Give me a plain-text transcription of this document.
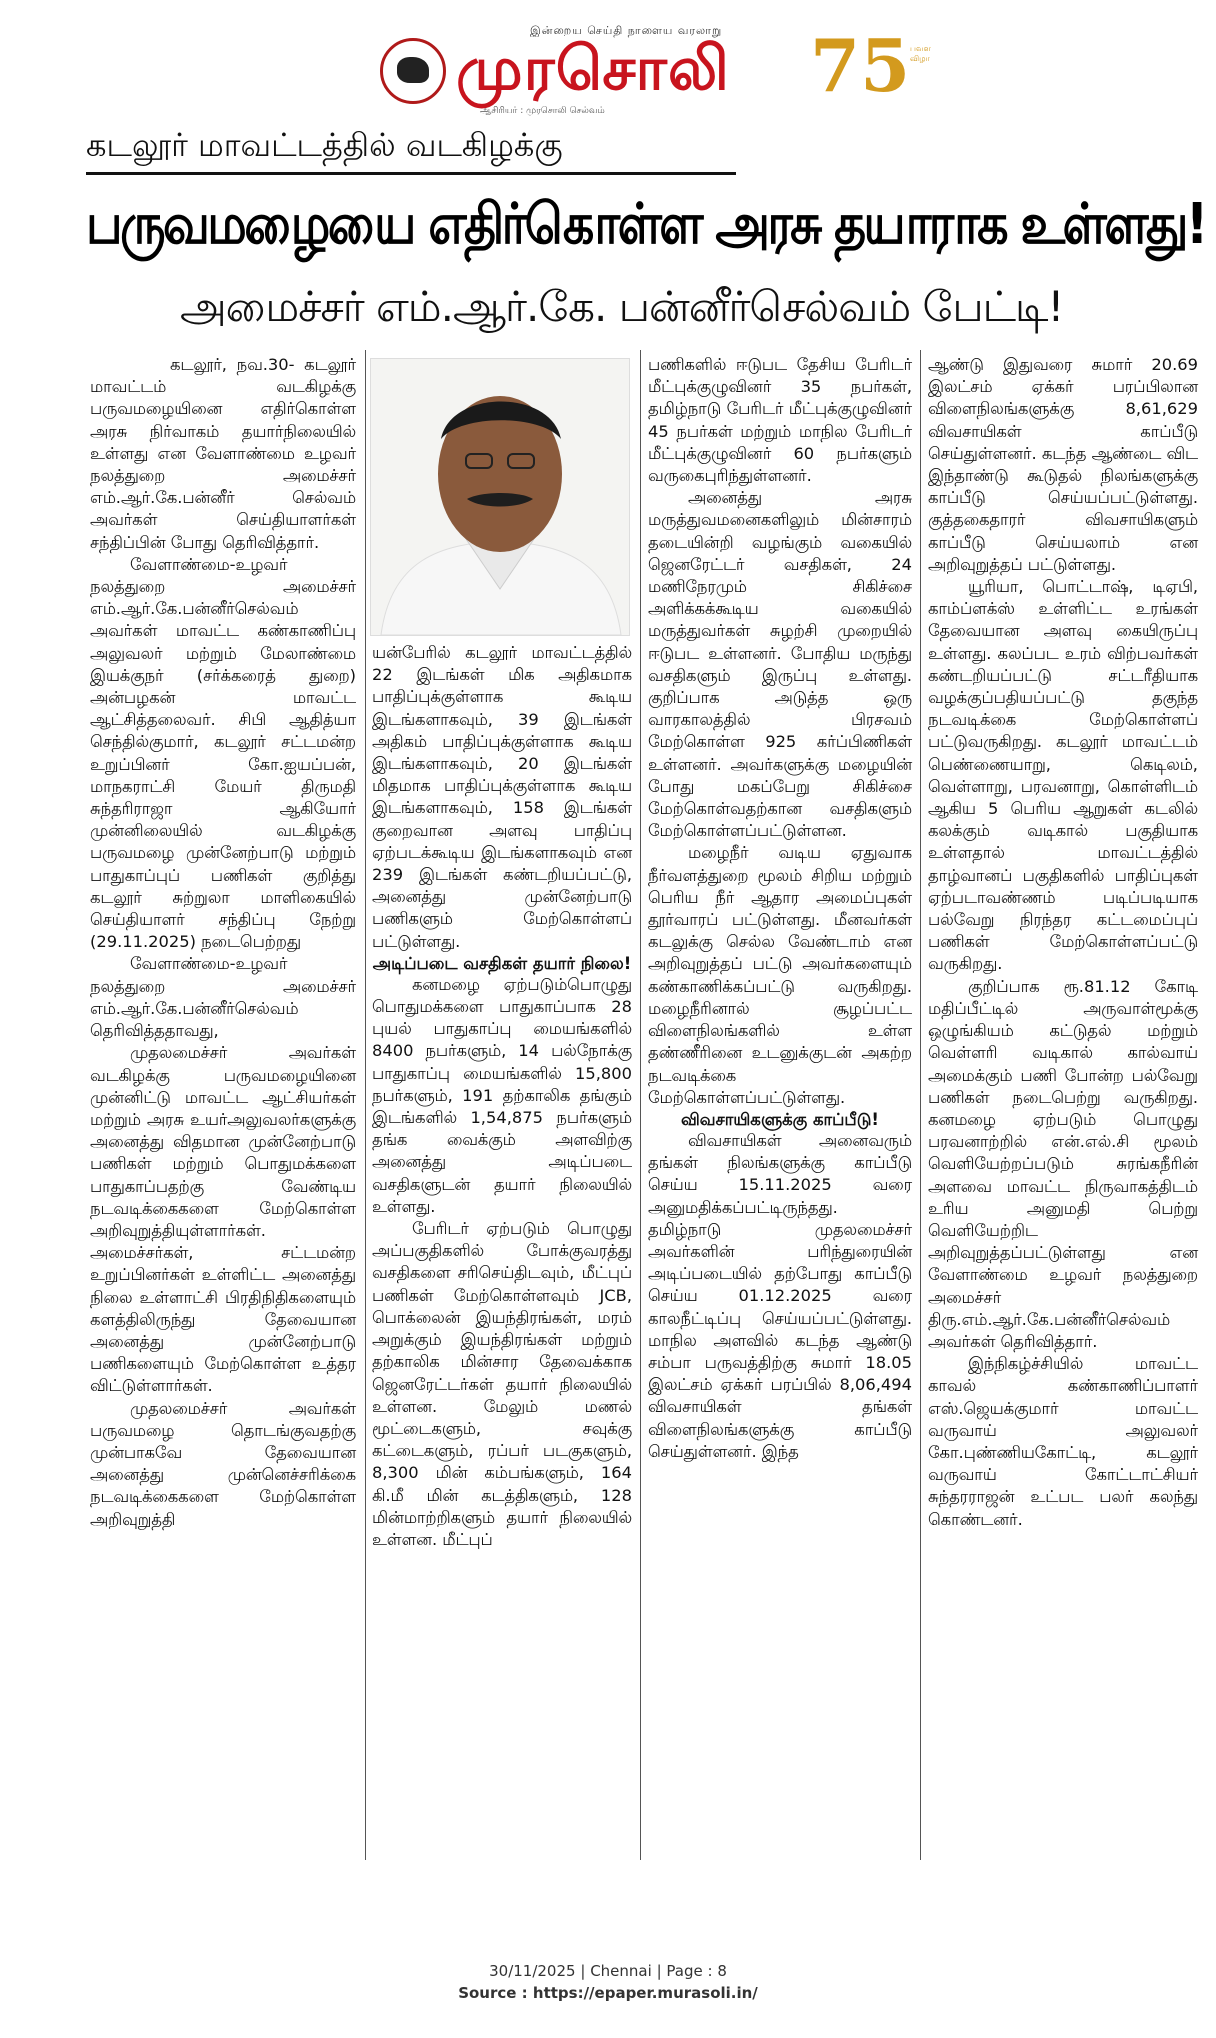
இன்றைய செய்தி நாளைய வரலாறு
முரசொலி
ஆசிரியர் : முரசொலி செல்வம்
75 பவள விழா
கடலூர் மாவட்டத்தில் வடகிழக்கு
பருவமழையை எதிர்கொள்ள அரசு தயாராக உள்ளது!
அமைச்சர் எம்.ஆர்.கே. பன்னீர்செல்வம் பேட்டி!

கடலூர், நவ.30- கடலூர் மாவட்டம் வடகிழக்கு பருவமழையினை எதிர்கொள்ள அரசு நிர்வாகம் தயார்நிலையில் உள்ளது என வேளாண்மை உழவர் நலத்துறை அமைச்சர் எம்.ஆர்.கே.பன்னீர் செல்வம் அவர்கள் செய்தியாளர்கள் சந்திப்பின் போது தெரிவித்தார்.

வேளாண்மை-உழவர் நலத்துறை அமைச்சர் எம்.ஆர்.கே.பன்னீர்செல்வம் அவர்கள் மாவட்ட கண்காணிப்பு அலுவலர் மற்றும் மேலாண்மை இயக்குநர் (சர்க்கரைத் துறை) அன்பழகன் மாவட்ட ஆட்சித்தலைவர். சிபி ஆதித்யா செந்தில்குமார், கடலூர் சட்டமன்ற உறுப்பினர் கோ.ஐயப்பன், மாநகராட்சி மேயர் திருமதி சுந்தரிராஜா ஆகியோர் முன்னிலையில் வடகிழக்கு பருவமழை முன்னேற்பாடு மற்றும் பாதுகாப்புப் பணிகள் குறித்து கடலூர் சுற்றுலா மாளிகையில் செய்தியாளர் சந்திப்பு நேற்று (29.11.2025) நடைபெற்றது

வேளாண்மை-உழவர் நலத்துறை அமைச்சர் எம்.ஆர்.கே.பன்னீர்செல்வம் தெரிவித்ததாவது,

முதலமைச்சர் அவர்கள் வடகிழக்கு பருவமழையினை முன்னிட்டு மாவட்ட ஆட்சியர்கள் மற்றும் அரசு உயர்அலுவலர்களுக்கு அனைத்து விதமான முன்னேற்பாடு பணிகள் மற்றும் பொதுமக்களை பாதுகாப்பதற்கு வேண்டிய நடவடிக்கைகளை மேற்கொள்ள அறிவுறுத்தியுள்ளார்கள். அமைச்சர்கள், சட்டமன்ற உறுப்பினர்கள் உள்ளிட்ட அனைத்து நிலை உள்ளாட்சி பிரதிநிதிகளையும் களத்திலிருந்து தேவையான அனைத்து முன்னேற்பாடு பணிகளையும் மேற்கொள்ள உத்தர விட்டுள்ளார்கள்.

முதலமைச்சர் அவர்கள் பருவமழை தொடங்குவதற்கு முன்பாகவே தேவையான அனைத்து முன்னெச்சரிக்கை நடவடிக்கைகளை மேற்கொள்ள அறிவுறுத்தி

யன்பேரில் கடலூர் மாவட்டத்தில் 22 இடங்கள் மிக அதிகமாக பாதிப்புக்குள்ளாக கூடிய இடங்களாகவும், 39 இடங்கள் அதிகம் பாதிப்புக்குள்ளாக கூடிய இடங்களாகவும், 20 இடங்கள் மிதமாக பாதிப்புக்குள்ளாக கூடிய இடங்களாகவும், 158 இடங்கள் குறைவான அளவு பாதிப்பு ஏற்படக்கூடிய இடங்களாகவும் என 239 இடங்கள் கண்டறியப்பட்டு, அனைத்து முன்னேற்பாடு பணிகளும் மேற்கொள்ளப் பட்டுள்ளது.

அடிப்படை வசதிகள் தயார் நிலை!

கனமழை ஏற்படும்பொழுது பொதுமக்களை பாதுகாப்பாக 28 புயல் பாதுகாப்பு மையங்களில் 8400 நபர்களும், 14 பல்நோக்கு பாதுகாப்பு மையங்களில் 15,800 நபர்களும், 191 தற்காலிக தங்கும் இடங்களில் 1,54,875 நபர்களும் தங்க வைக்கும் அளவிற்கு அனைத்து அடிப்படை வசதிகளுடன் தயார் நிலையில் உள்ளது.

பேரிடர் ஏற்படும் பொழுது அப்பகுதிகளில் போக்குவரத்து வசதிகளை சரிசெய்திடவும், மீட்புப் பணிகள் மேற்கொள்ளவும் JCB, பொக்லைன் இயந்திரங்கள், மரம் அறுக்கும் இயந்திரங்கள் மற்றும் தற்காலிக மின்சார தேவைக்காக ஜெனரேட்டர்கள் தயார் நிலையில் உள்ளன. மேலும் மணல் மூட்டைகளும், சவுக்கு கட்டைகளும், ரப்பர் படகுகளும், 8,300 மின் கம்பங்களும், 164 கி.மீ மின் கடத்திகளும், 128 மின்மாற்றிகளும் தயார் நிலையில் உள்ளன. மீட்புப்

பணிகளில் ஈடுபட தேசிய பேரிடர் மீட்புக்குழுவினர் 35 நபர்கள், தமிழ்நாடு பேரிடர் மீட்புக்குழுவினர் 45 நபர்கள் மற்றும் மாநில பேரிடர் மீட்புக்குழுவினர் 60 நபர்களும் வருகைபுரிந்துள்ளனர்.

அனைத்து அரசு மருத்துவமனைகளிலும் மின்சாரம் தடையின்றி வழங்கும் வகையில் ஜெனரேட்டர் வசதிகள், 24 மணிநேரமும் சிகிச்சை அளிக்கக்கூடிய வகையில் மருத்துவர்கள் சுழற்சி முறையில் ஈடுபட உள்ளனர். போதிய மருந்து வசதிகளும் இருப்பு உள்ளது. குறிப்பாக அடுத்த ஒரு வாரகாலத்தில் பிரசவம் மேற்கொள்ள 925 கர்ப்பிணிகள் உள்ளனர். அவர்களுக்கு மழையின் போது மகப்பேறு சிகிச்சை மேற்கொள்வதற்கான வசதிகளும் மேற்கொள்ளப்பட்டுள்ளன.

மழைநீர் வடிய ஏதுவாக நீர்வளத்துறை மூலம் சிறிய மற்றும் பெரிய நீர் ஆதார அமைப்புகள் தூர்வாரப் பட்டுள்ளது. மீனவர்கள் கடலுக்கு செல்ல வேண்டாம் என அறிவுறுத்தப் பட்டு அவர்களையும் கண்காணிக்கப்பட்டு வருகிறது. மழைநீரினால் சூழப்பட்ட விளைநிலங்களில் உள்ள தண்ணீரினை உடனுக்குடன் அகற்ற நடவடிக்கை மேற்கொள்ளப்பட்டுள்ளது.

விவசாயிகளுக்கு காப்பீடு!

விவசாயிகள் அனைவரும் தங்கள் நிலங்களுக்கு காப்பீடு செய்ய 15.11.2025 வரை அனுமதிக்கப்பட்டிருந்தது. தமிழ்நாடு முதலமைச்சர் அவர்களின் பரிந்துரையின் அடிப்படையில் தற்போது காப்பீடு செய்ய 01.12.2025 வரை காலநீட்டிப்பு செய்யப்பட்டுள்ளது. மாநில அளவில் கடந்த ஆண்டு சம்பா பருவத்திற்கு சுமார் 18.05 இலட்சம் ஏக்கர் பரப்பில் 8,06,494 விவசாயிகள் தங்கள் விளைநிலங்களுக்கு காப்பீடு செய்துள்ளனர். இந்த

ஆண்டு இதுவரை சுமார் 20.69 இலட்சம் ஏக்கர் பரப்பிலான விளைநிலங்களுக்கு 8,61,629 விவசாயிகள் காப்பீடு செய்துள்ளனர். கடந்த ஆண்டை விட இந்தாண்டு கூடுதல் நிலங்களுக்கு காப்பீடு செய்யப்பட்டுள்ளது. குத்தகைதாரர் விவசாயிகளும் காப்பீடு செய்யலாம் என அறிவுறுத்தப் பட்டுள்ளது.

யூரியா, பொட்டாஷ், டிஏபி, காம்ப்ளக்ஸ் உள்ளிட்ட உரங்கள் தேவையான அளவு கையிருப்பு உள்ளது. கலப்பட உரம் விற்பவர்கள் கண்டறியப்பட்டு சட்டரீதியாக வழக்குப்பதியப்பட்டு தகுந்த நடவடிக்கை மேற்கொள்ளப் பட்டுவருகிறது. கடலூர் மாவட்டம் பெண்ணையாறு, கெடிலம், வெள்ளாறு, பரவனாறு, கொள்ளிடம் ஆகிய 5 பெரிய ஆறுகள் கடலில் கலக்கும் வடிகால் பகுதியாக உள்ளதால் மாவட்டத்தில் தாழ்வானப் பகுதிகளில் பாதிப்புகள் ஏற்படாவண்ணம் படிப்படியாக பல்வேறு நிரந்தர கட்டமைப்புப் பணிகள் மேற்கொள்ளப்பட்டு வருகிறது.

குறிப்பாக ரூ.81.12 கோடி மதிப்பீட்டில் அருவாள்மூக்கு ஒழுங்கியம் கட்டுதல் மற்றும் வெள்ளரி வடிகால் கால்வாய் அமைக்கும் பணி போன்ற பல்வேறு பணிகள் நடைபெற்று வருகிறது. கனமழை ஏற்படும் பொழுது பரவனாற்றில் என்.எல்.சி மூலம் வெளியேற்றப்படும் சுரங்கநீரின் அளவை மாவட்ட நிருவாகத்திடம் உரிய அனுமதி பெற்று வெளியேற்றிட அறிவுறுத்தப்பட்டுள்ளது என வேளாண்மை உழவர் நலத்துறை அமைச்சர் திரு.எம்.ஆர்.கே.பன்னீர்செல்வம் அவர்கள் தெரிவித்தார்.

இந்நிகழ்ச்சியில் மாவட்ட காவல் கண்காணிப்பாளர் எஸ்.ஜெயக்குமார் மாவட்ட வருவாய் அலுவலர் கோ.புண்ணியகோட்டி, கடலூர் வருவாய் கோட்டாட்சியர் சுந்தரராஜன் உட்பட பலர் கலந்து கொண்டனர்.

30/11/2025 | Chennai | Page : 8
Source : https://epaper.murasoli.in/
